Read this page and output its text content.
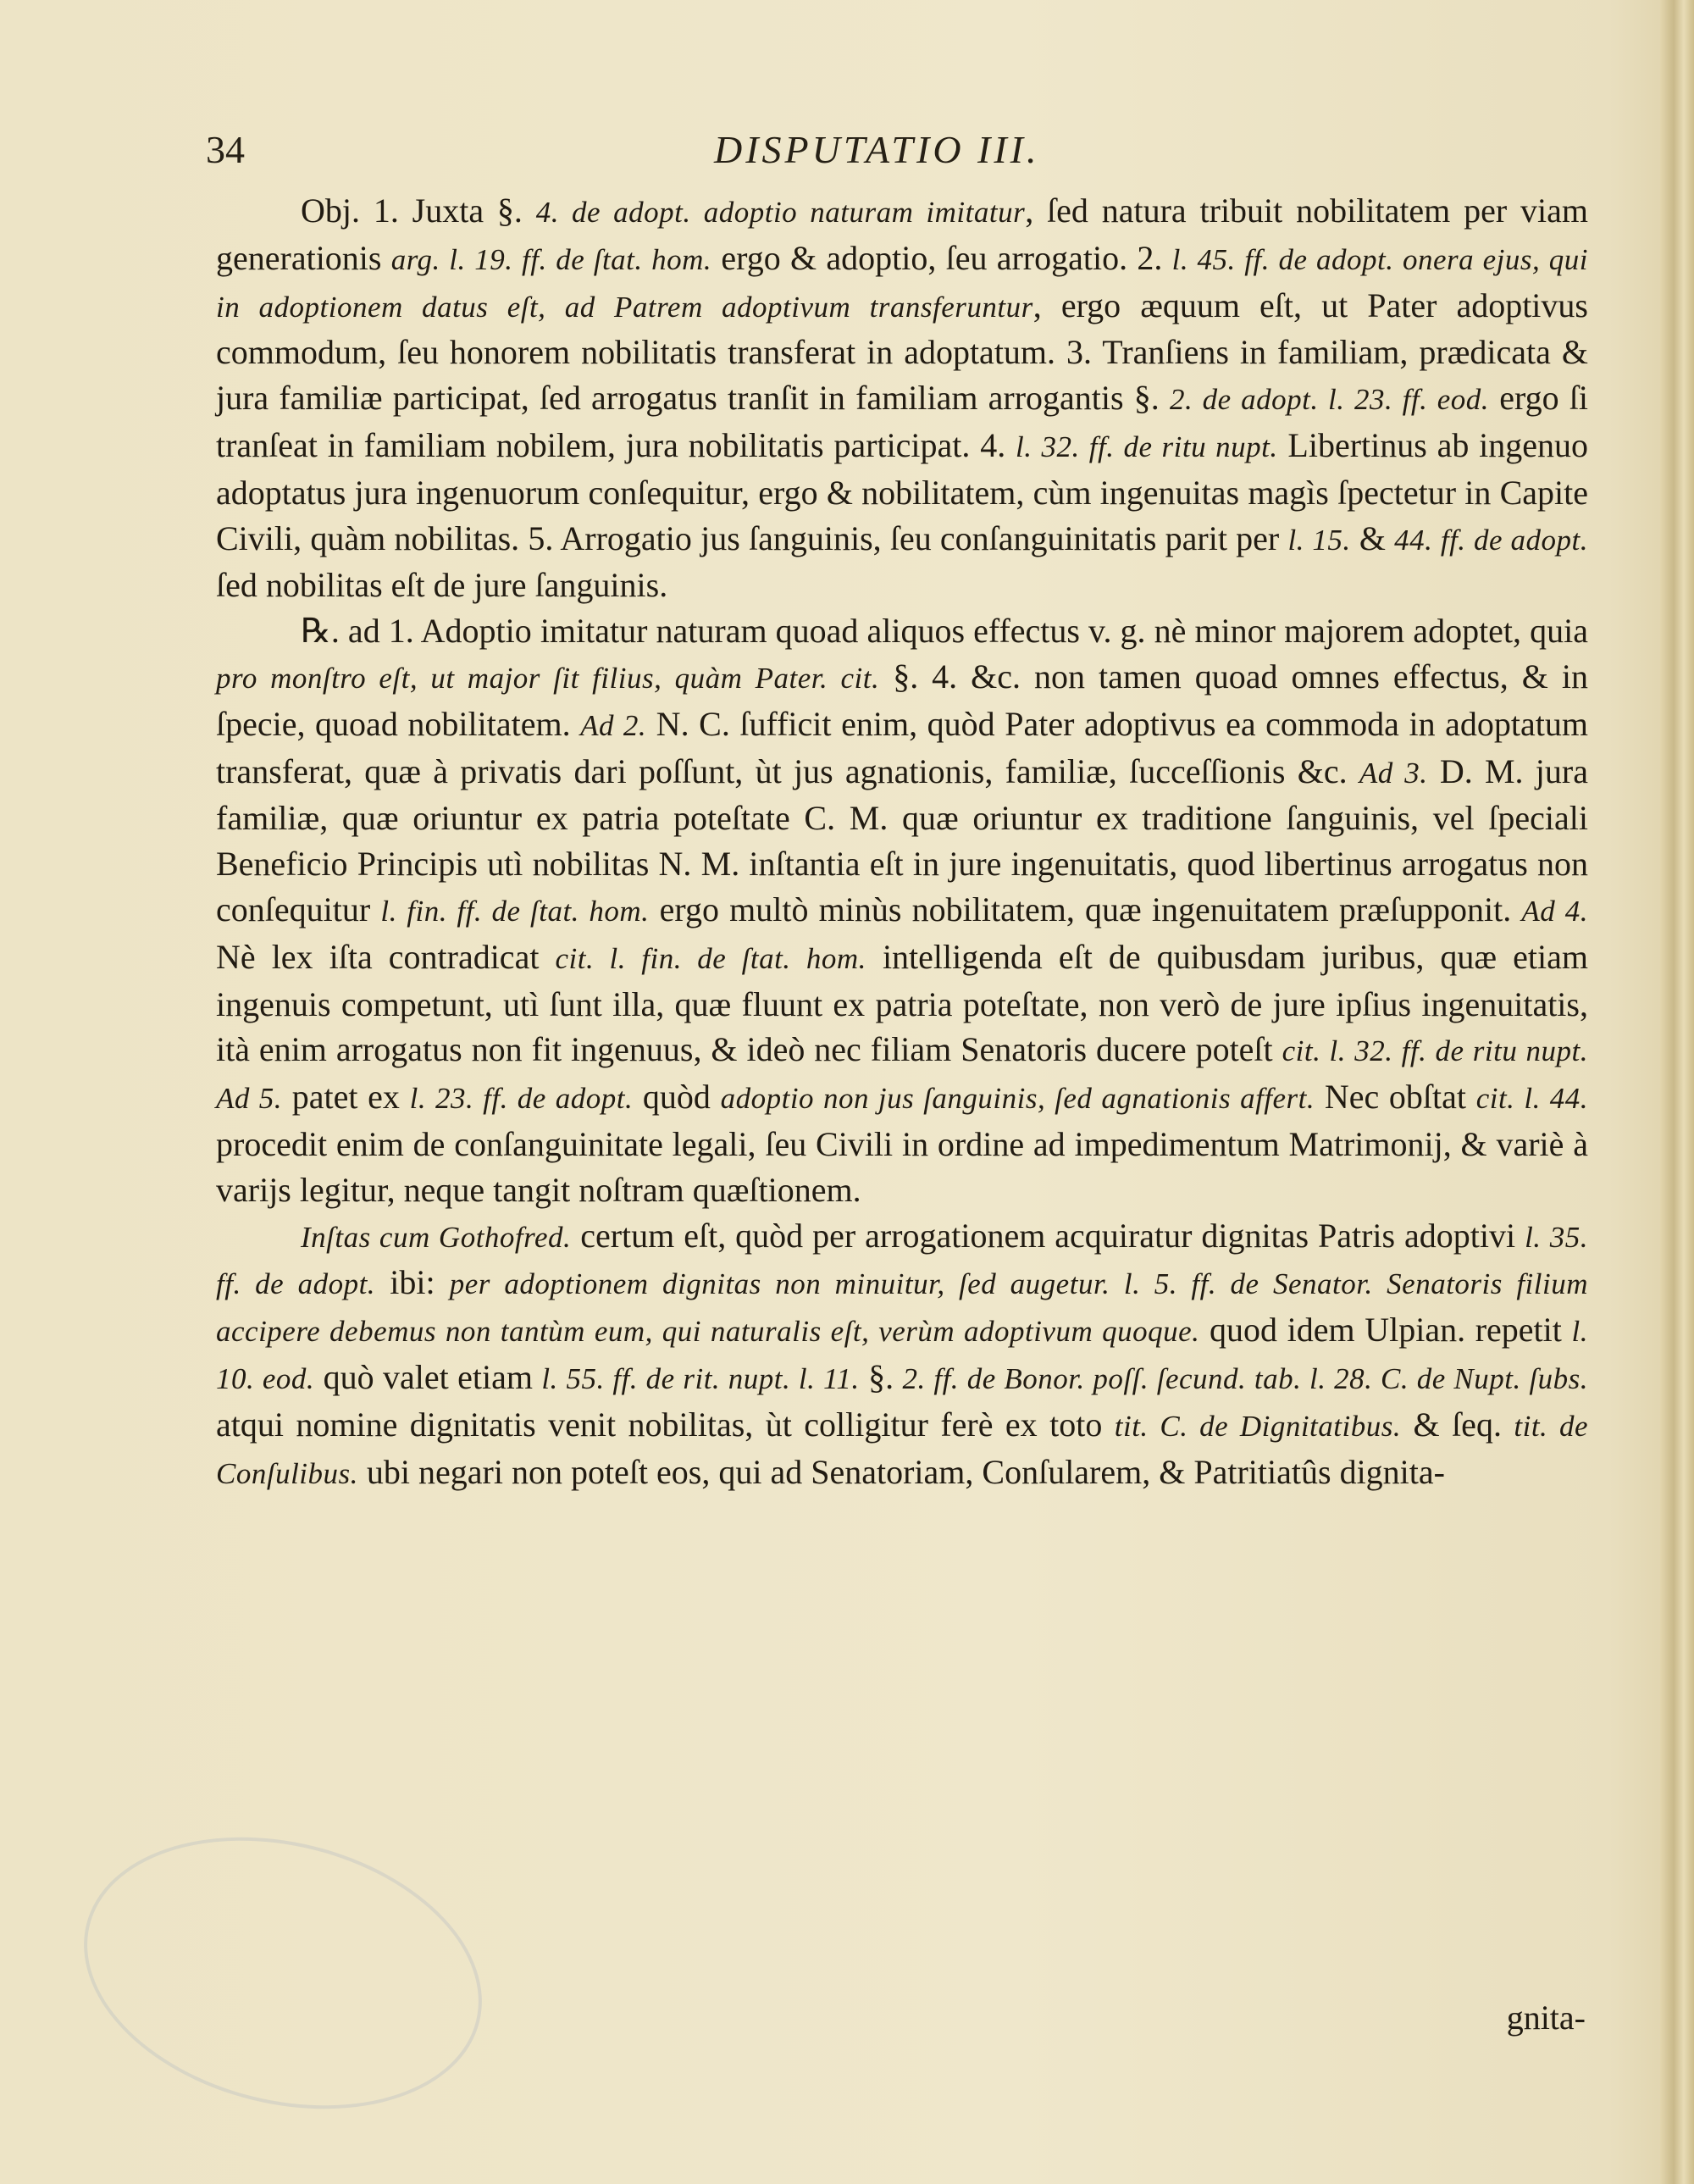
34	DISPUTATIO III.

Obj. 1. Juxta §. 4. de adopt. adoptio naturam imitatur, ſed natura tribuit nobilitatem per viam generationis arg. l. 19. ff. de ſtat. hom. ergo & adoptio, ſeu arrogatio. 2. l. 45. ff. de adopt. onera ejus, qui in adoptionem datus eſt, ad Patrem adoptivum transferuntur, ergo æquum eſt, ut Pater adoptivus commodum, ſeu honorem nobilitatis transferat in adoptatum. 3. Tranſiens in familiam, prædicata & jura familiæ participat, ſed arrogatus tranſit in familiam arrogantis §. 2. de adopt. l. 23. ff. eod. ergo ſi tranſeat in familiam nobilem, jura nobilitatis participat. 4. l. 32. ff. de ritu nupt. Libertinus ab ingenuo adoptatus jura ingenuorum conſequitur, ergo & nobilitatem, cùm ingenuitas magìs ſpectetur in Capite Civili, quàm nobilitas. 5. Arrogatio jus ſanguinis, ſeu conſanguinitatis parit per l. 15. & 44. ff. de adopt. ſed nobilitas eſt de jure ſanguinis.

℞. ad 1. Adoptio imitatur naturam quoad aliquos effectus v. g. nè minor majorem adoptet, quia pro monſtro eſt, ut major ſit filius, quàm Pater. cit. §. 4. &c. non tamen quoad omnes effectus, & in ſpecie, quoad nobilitatem. Ad 2. N. C. ſufficit enim, quòd Pater adoptivus ea commoda in adoptatum transferat, quæ à privatis dari poſſunt, ùt jus agnationis, familiæ, ſucceſſionis &c. Ad 3. D. M. jura familiæ, quæ oriuntur ex patria poteſtate C. M. quæ oriuntur ex traditione ſanguinis, vel ſpeciali Beneficio Principis utì nobilitas N. M. inſtantia eſt in jure ingenuitatis, quod libertinus arrogatus non conſequitur l. fin. ff. de ſtat. hom. ergo multò minùs nobilitatem, quæ ingenuitatem præſupponit. Ad 4. Nè lex iſta contradicat cit. l. fin. de ſtat. hom. intelligenda eſt de quibusdam juribus, quæ etiam ingenuis competunt, utì ſunt illa, quæ fluunt ex patria poteſtate, non verò de jure ipſius ingenuitatis, ità enim arrogatus non fit ingenuus, & ideò nec filiam Senatoris ducere poteſt cit. l. 32. ff. de ritu nupt. Ad 5. patet ex l. 23. ff. de adopt. quòd adoptio non jus ſanguinis, ſed agnationis affert. Nec obſtat cit. l. 44. procedit enim de conſanguinitate legali, ſeu Civili in ordine ad impedimentum Matrimonij, & variè à varijs legitur, neque tangit noſtram quæſtionem.

Inſtas cum Gothofred. certum eſt, quòd per arrogationem acquiratur dignitas Patris adoptivi l. 35. ff. de adopt. ibi: per adoptionem dignitas non minuitur, ſed augetur. l. 5. ff. de Senator. Senatoris filium accipere debemus non tantùm eum, qui naturalis eſt, verùm adoptivum quoque. quod idem Ulpian. repetit l. 10. eod. quò valet etiam l. 55. ff. de rit. nupt. l. 11. §. 2. ff. de Bonor. poſſ. ſecund. tab. l. 28. C. de Nupt. ſubs. atqui nomine dignitatis venit nobilitas, ùt colligitur ferè ex toto tit. C. de Dignitatibus. & ſeq. tit. de Conſulibus. ubi negari non poteſt eos, qui ad Senatoriam, Conſularem, & Patritiatûs dignita-

gnita-
